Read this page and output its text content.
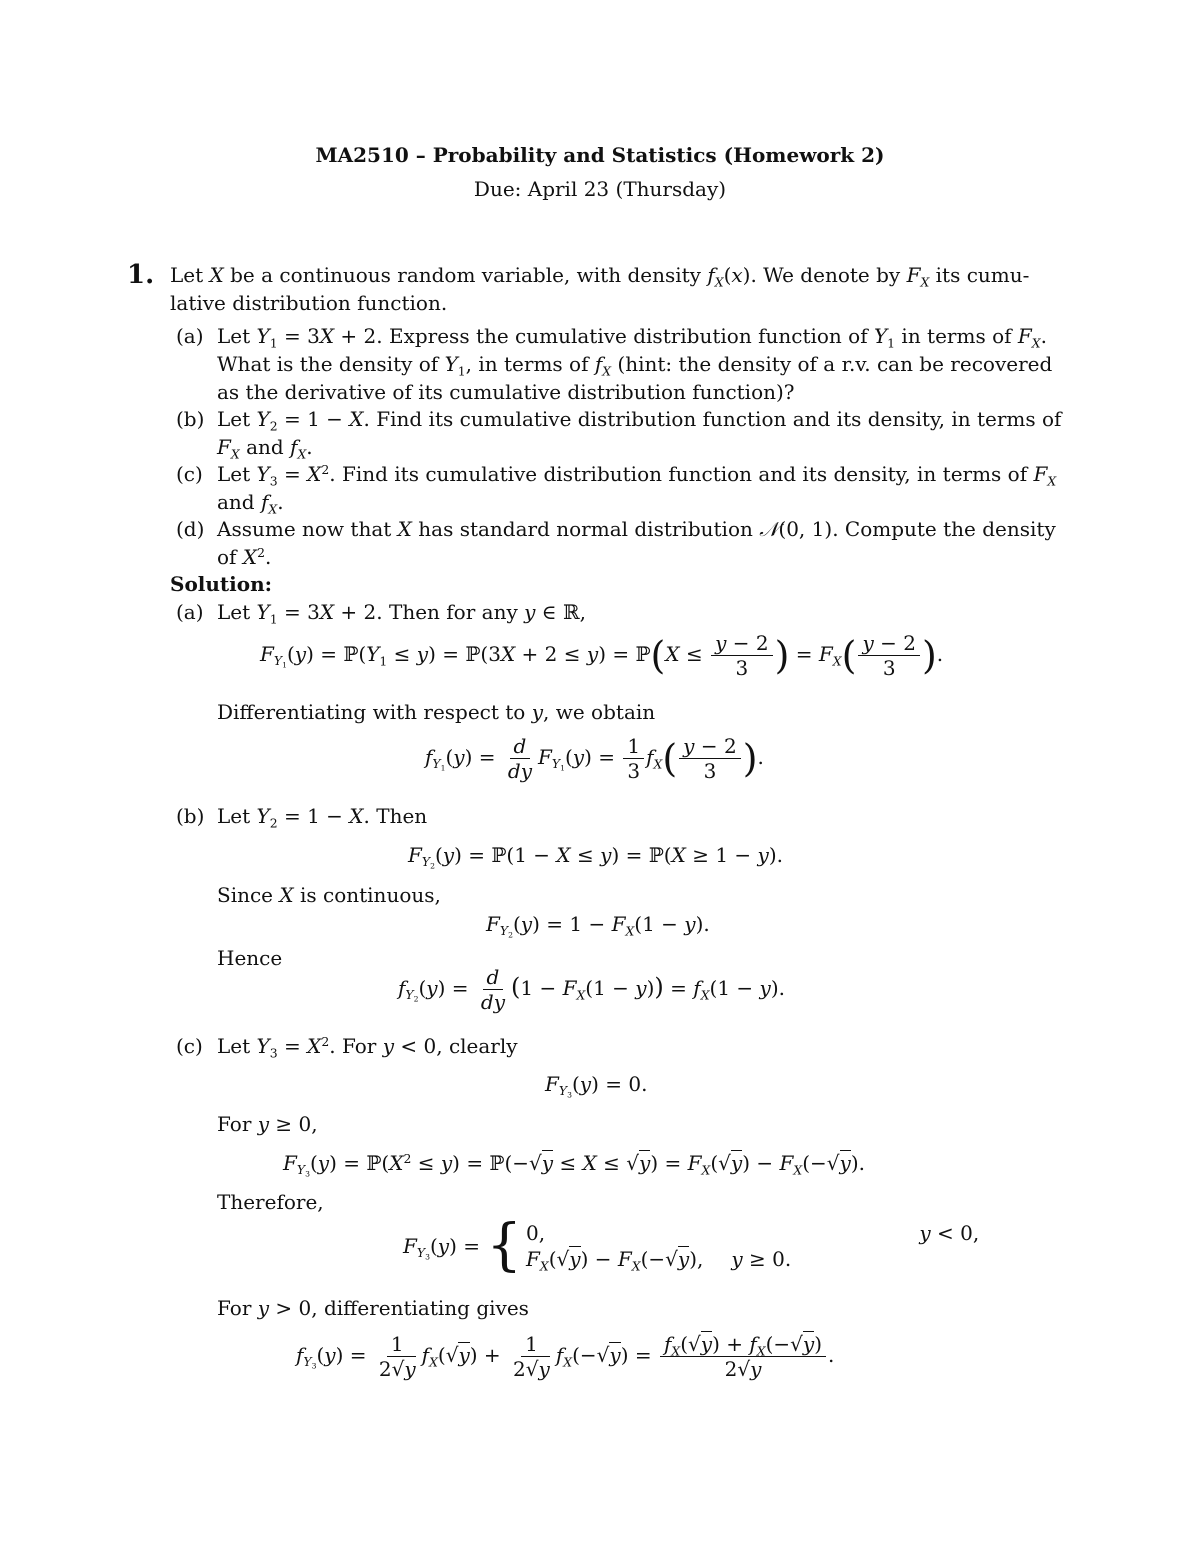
MA2510 – Probability and Statistics (Homework 2)
Due: April 23 (Thursday)
1. Let X be a continuous random variable, with density $f_X(x)$. We denote by $F_X$ its cumu-
lative distribution function.
(a) Let $Y_1 = 3X + 2$. Express the cumulative distribution function of $Y_1$ in terms of $F_X$.
What is the density of $Y_1$, in terms of $f_X$ (hint: the density of a r.v. can be recovered
as the derivative of its cumulative distribution function)?
(b) Let $Y_2 = 1 - X$. Find its cumulative distribution function and its density, in terms of
$F_X$ and $f_X$.
(c) Let $Y_3 = X^2$. Find its cumulative distribution function and its density, in terms of $F_X$
and $f_X$.
(d) Assume now that X has standard normal distribution 𝒩(0, 1). Compute the density
of $X^2$.
Solution:
(a) Let $Y_1 = 3X + 2$. Then for any y ∈ ℝ,
$F_{Y_1}(y)$ = $ℙ(Y_1 \le y)$ = ℙ(3X + 2 ≤ y) = ℙ(X ≤ $\frac{y - 2}{3}$ ) = $F_X( \frac{y - 2}{3}$ ).
Differentiating with respect to y, we obtain
$f_{Y_1}(y) = \frac{d}{dy} F_{Y_1}(y) = \frac{1}{3} f_X( \frac{y - 2}{3}$ ).
(b) Let $Y_2 = 1 - X$. Then
$F_{Y_2}(y)$ = ℙ(1 − X ≤ y) = ℙ(X ≥ 1 − y).
Since X is continuous,
$F_{Y_2}(y) = 1 - F_X(1 - y)$.
Hence
$f_{Y_2}(y) = \frac{d}{dy} (1 - F_X(1 - y)) = f_X(1 - y)$.
(c) Let $Y_3 = X^2$. For y < 0, clearly
$F_{Y_3}(y) = 0$.
For y ≥ 0,
$F_{Y_3}(y)$ = $ℙ(X^2 \le y)$ = ℙ(−√y ≤ $X \le √y) = F_X(√y) - F_X(-√y)$.
Therefore,
$F_{Y_3}(y)$ = { 0,	y < 0,
$F_X(√y) - F_X(-√y)$,	y ≥ 0.
For y > 0, differentiating gives
$f_{Y_3}(y) = \frac{1}{2√y} f_X(√y) + \frac{1}{2√y} f_X(-√y) = \frac{f_X(√y) + f_X(-√y)}{2√y}$ .
